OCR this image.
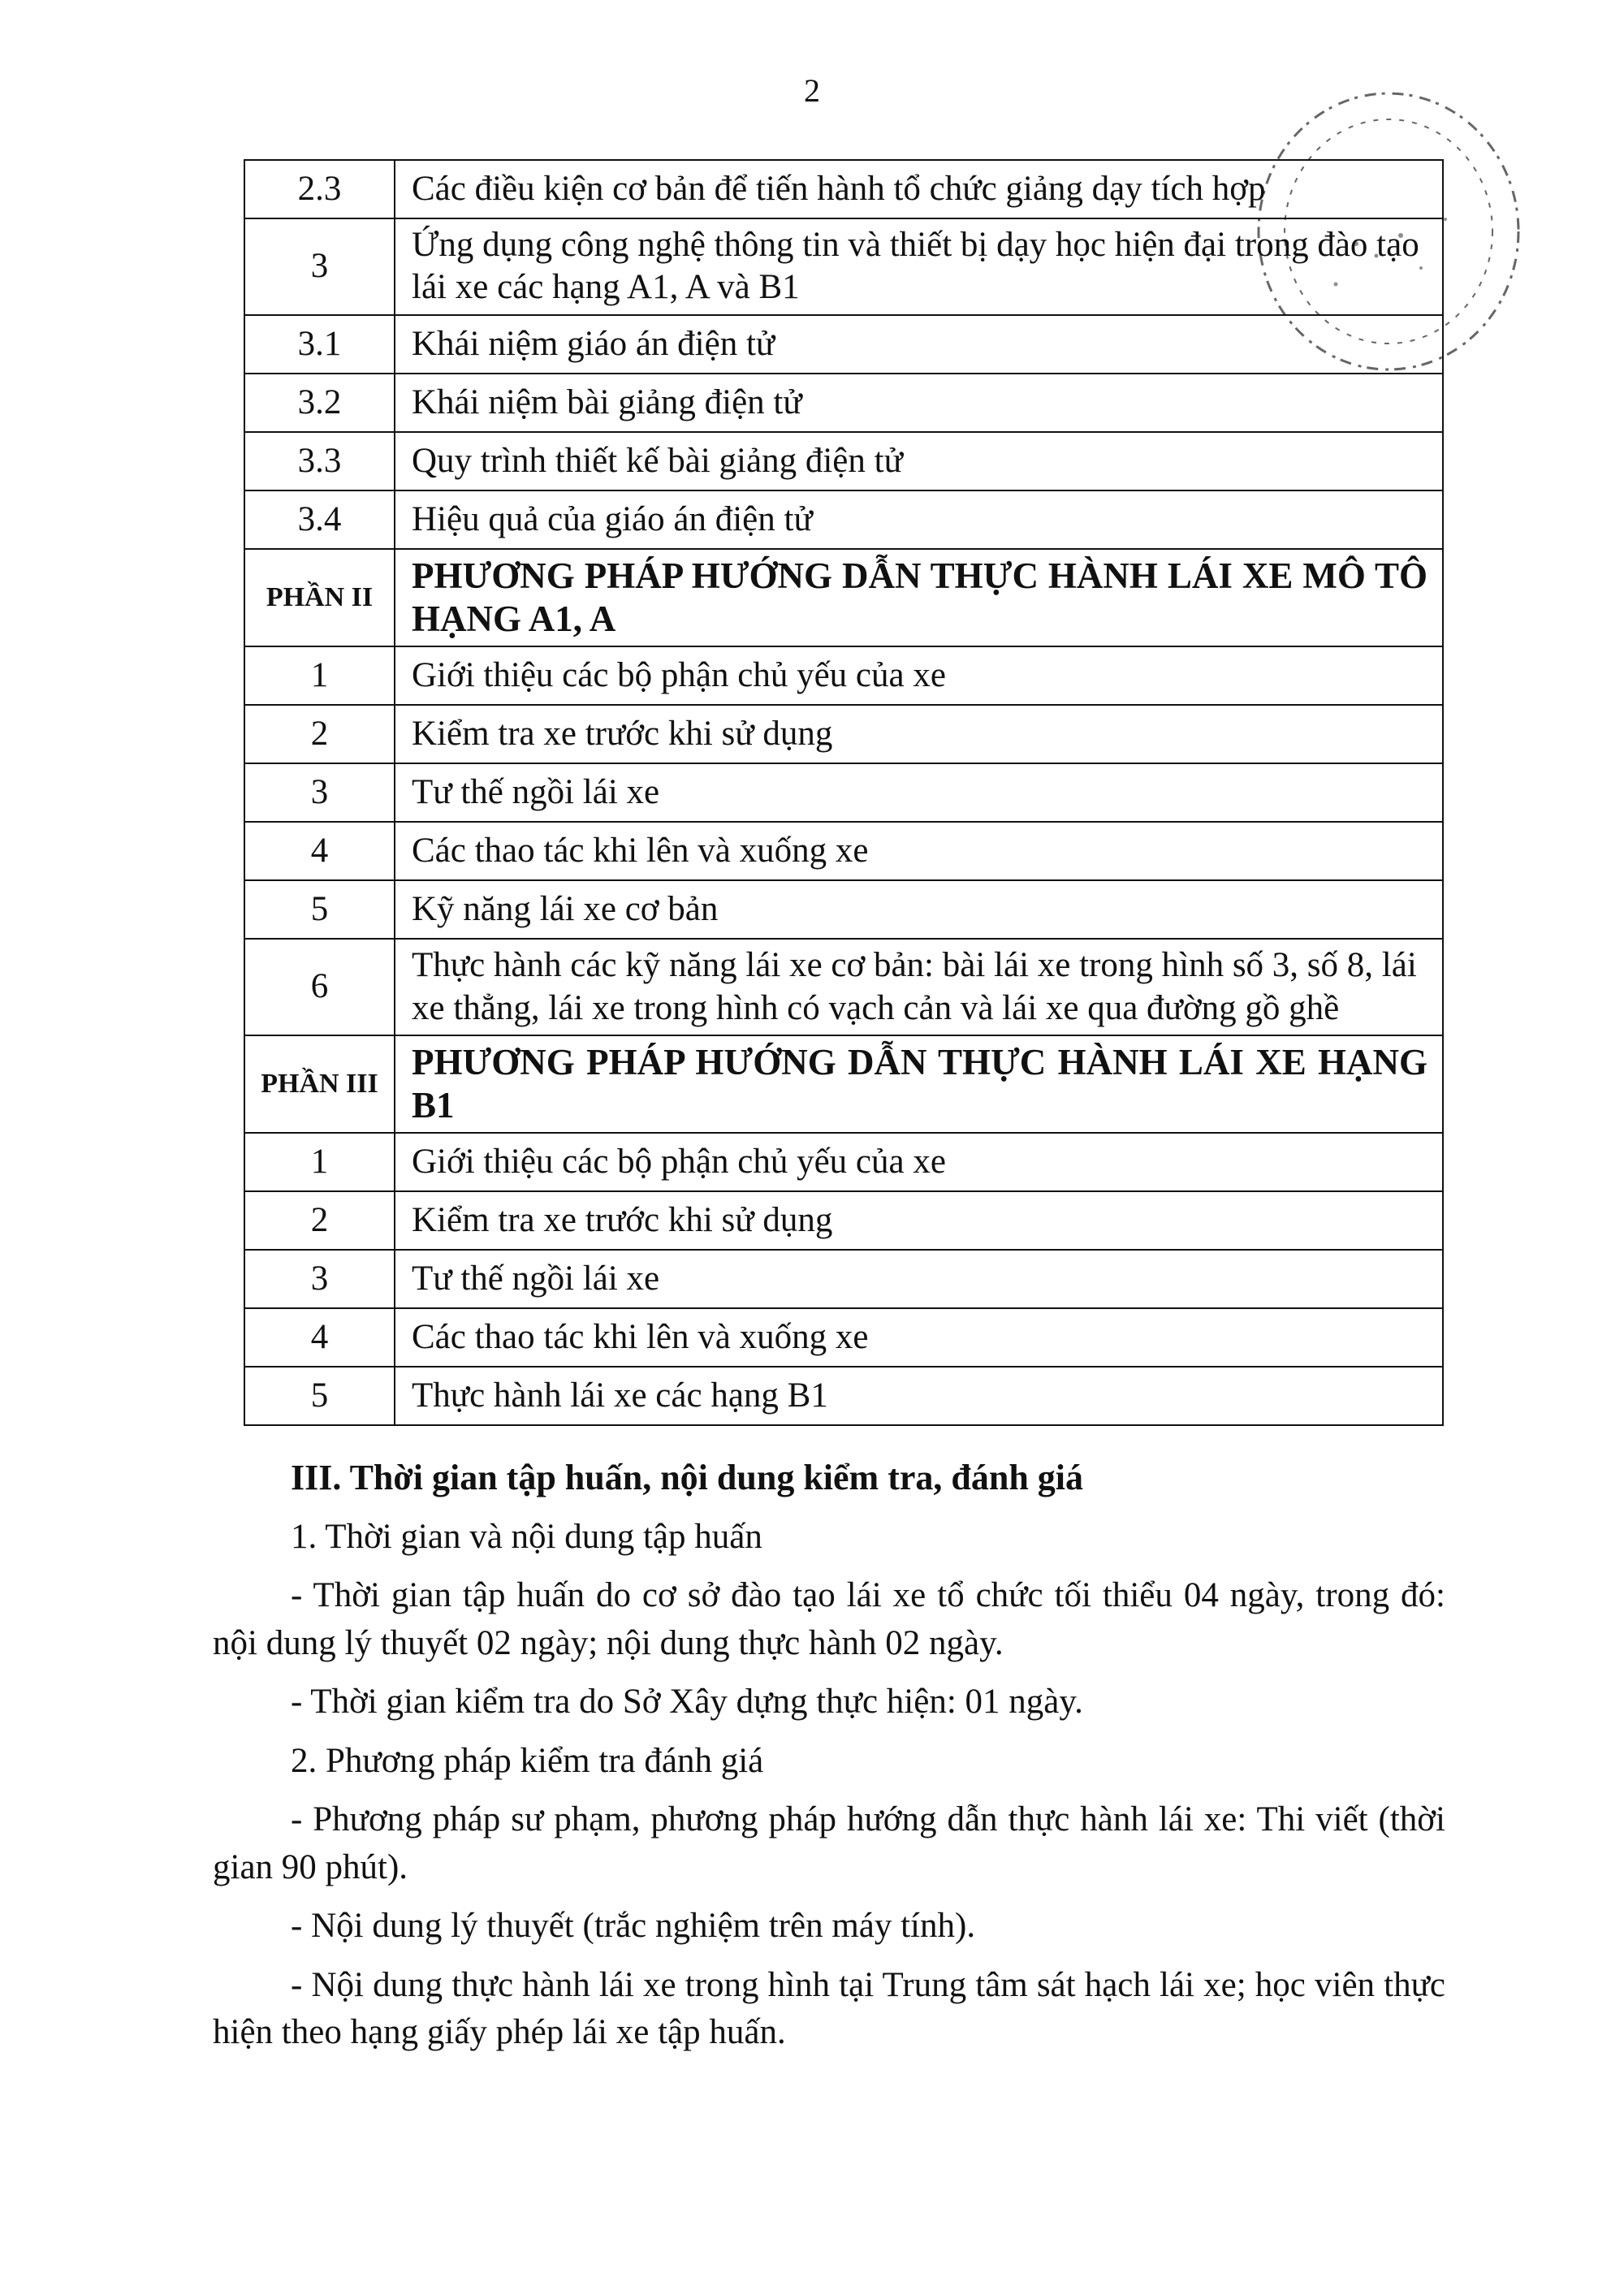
2
2.3	Các điều kiện cơ bản để tiến hành tổ chức giảng dạy tích hợp
3	Ứng dụng công nghệ thông tin và thiết bị dạy học hiện đại trong đào tạo lái xe các hạng A1, A và B1
3.1	Khái niệm giáo án điện tử
3.2	Khái niệm bài giảng điện tử
3.3	Quy trình thiết kế bài giảng điện tử
3.4	Hiệu quả của giáo án điện tử
PHẦN II	PHƯƠNG PHÁP HƯỚNG DẪN THỰC HÀNH LÁI XE MÔ TÔ HẠNG A1, A
1	Giới thiệu các bộ phận chủ yếu của xe
2	Kiểm tra xe trước khi sử dụng
3	Tư thế ngồi lái xe
4	Các thao tác khi lên và xuống xe
5	Kỹ năng lái xe cơ bản
6	Thực hành các kỹ năng lái xe cơ bản: bài lái xe trong hình số 3, số 8, lái xe thẳng, lái xe trong hình có vạch cản và lái xe qua đường gồ ghề
PHẦN III	PHƯƠNG PHÁP HƯỚNG DẪN THỰC HÀNH LÁI XE HẠNG B1
1	Giới thiệu các bộ phận chủ yếu của xe
2	Kiểm tra xe trước khi sử dụng
3	Tư thế ngồi lái xe
4	Các thao tác khi lên và xuống xe
5	Thực hành lái xe các hạng B1

III. Thời gian tập huấn, nội dung kiểm tra, đánh giá

1. Thời gian và nội dung tập huấn

- Thời gian tập huấn do cơ sở đào tạo lái xe tổ chức tối thiểu 04 ngày, trong đó: nội dung lý thuyết 02 ngày; nội dung thực hành 02 ngày.

- Thời gian kiểm tra do Sở Xây dựng thực hiện: 01 ngày.

2. Phương pháp kiểm tra đánh giá

- Phương pháp sư phạm, phương pháp hướng dẫn thực hành lái xe: Thi viết (thời gian 90 phút).

- Nội dung lý thuyết (trắc nghiệm trên máy tính).

- Nội dung thực hành lái xe trong hình tại Trung tâm sát hạch lái xe; học viên thực hiện theo hạng giấy phép lái xe tập huấn.
